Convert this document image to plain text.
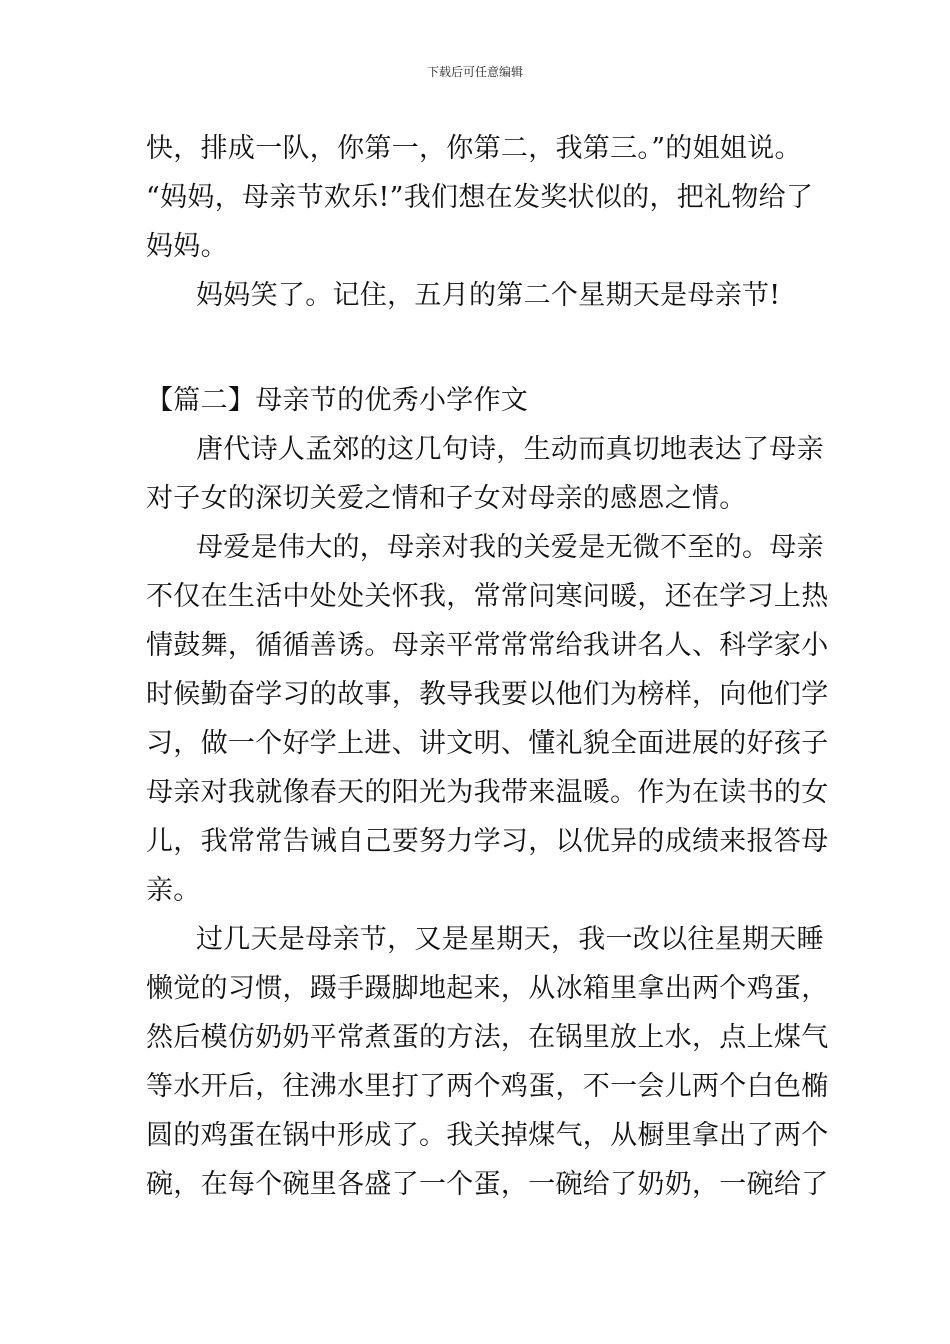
下载后可任意编辑
快，排成一队，你第一，你第二，我第三。”的姐姐说。
“妈妈，母亲节欢乐!”我们想在发奖状似的，把礼物给了
妈妈。
妈妈笑了。记住，五月的第二个星期天是母亲节!
【篇二】母亲节的优秀小学作文
唐代诗人孟郊的这几句诗，生动而真切地表达了母亲
对子女的深切关爱之情和子女对母亲的感恩之情。
母爱是伟大的，母亲对我的关爱是无微不至的。母亲
不仅在生活中处处关怀我，常常问寒问暖，还在学习上热
情鼓舞，循循善诱。母亲平常常常给我讲名人、科学家小
时候勤奋学习的故事，教导我要以他们为榜样，向他们学
习，做一个好学上进、讲文明、懂礼貌全面进展的好孩子
母亲对我就像春天的阳光为我带来温暖。作为在读书的女
儿，我常常告诫自己要努力学习，以优异的成绩来报答母
亲。
过几天是母亲节，又是星期天，我一改以往星期天睡
懒觉的习惯，蹑手蹑脚地起来，从冰箱里拿出两个鸡蛋，
然后模仿奶奶平常煮蛋的方法，在锅里放上水，点上煤气
等水开后，往沸水里打了两个鸡蛋，不一会儿两个白色椭
圆的鸡蛋在锅中形成了。我关掉煤气，从橱里拿出了两个
碗，在每个碗里各盛了一个蛋，一碗给了奶奶，一碗给了
